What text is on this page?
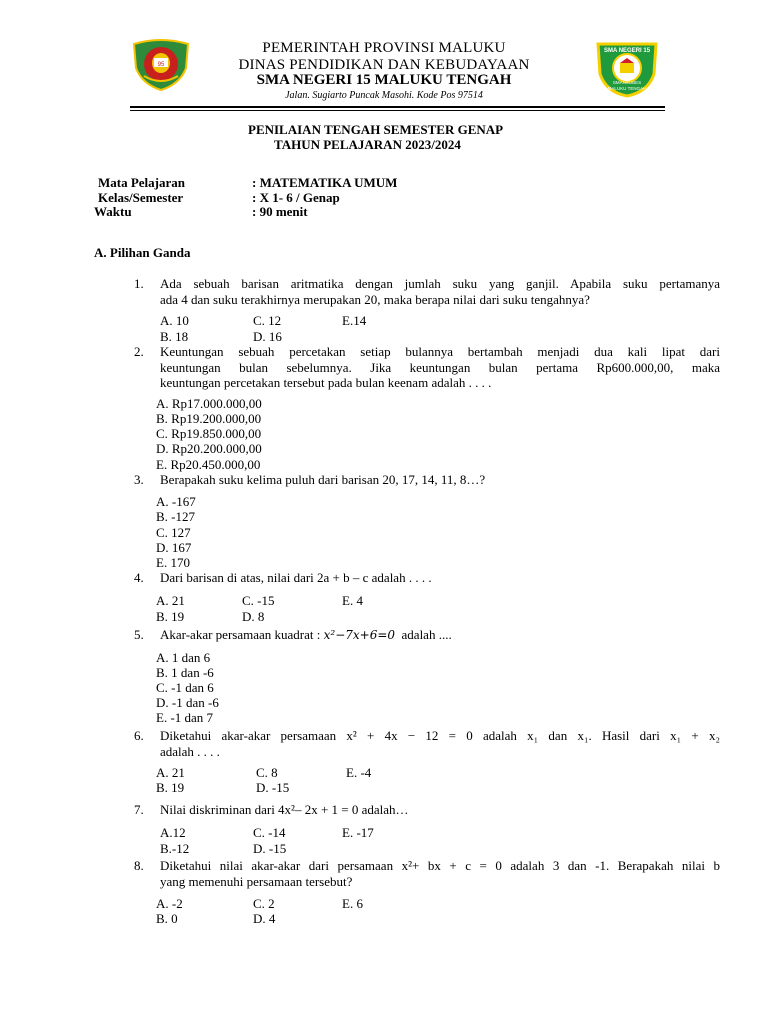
95
SMA NEGERI 15
SMANSUBES
MALUKU TENGAH
PEMERINTAH PROVINSI MALUKU
DINAS PENDIDIKAN DAN KEBUDAYAAN
SMA NEGERI 15 MALUKU TENGAH
Jalan. Sugiarto Puncak Masohi. Kode Pos 97514
PENILAIAN TENGAH SEMESTER GENAP
TAHUN PELAJARAN 2023/2024
Mata Pelajaran	: MATEMATIKA UMUM
Kelas/Semester	: X 1- 6 / Genap
Waktu	: 90 menit
A. Pilihan Ganda
1. Ada sebuah barisan aritmatika dengan jumlah suku yang ganjil. Apabila suku pertamanya
ada 4 dan suku terakhirnya merupakan 20, maka berapa nilai dari suku tengahnya?
A. 10	C. 12	E.14
B. 18	D. 16
2. Keuntungan sebuah percetakan setiap bulannya bertambah menjadi dua kali lipat dari
keuntungan bulan sebelumnya. Jika keuntungan bulan pertama Rp600.000,00, maka
keuntungan percetakan tersebut pada bulan keenam adalah . . . .
A. Rp17.000.000,00
B. Rp19.200.000,00
C. Rp19.850.000,00
D. Rp20.200.000,00
E. Rp20.450.000,00
3. Berapakah suku kelima puluh dari barisan 20, 17, 14, 11, 8…?
A. -167
B. -127
C. 127
D. 167
E. 170
4. Dari barisan di atas, nilai dari 2a + b – c adalah . . . .
A. 21	C. -15	E. 4
B. 19	D. 8
5. Akar-akar persamaan kuadrat : x²−7x+6=0  adalah ....
A. 1 dan 6
B. 1 dan -6
C. -1 dan 6
D. -1 dan -6
E. -1 dan 7
6. Diketahui akar-akar persamaan x² + 4x − 12 = 0 adalah x₁ dan x₁. Hasil dari x₁ + x₂
adalah . . . .
A. 21	C. 8	E. -4
B. 19	D. -15
7. Nilai diskriminan dari 4x²– 2x + 1 = 0 adalah…
A.12	C. -14	E. -17
B.-12	D. -15
8. Diketahui nilai akar-akar dari persamaan x²+ bx + c = 0 adalah 3 dan -1. Berapakah nilai b
yang memenuhi persamaan tersebut?
A. -2	C. 2	E. 6
B. 0	D. 4
